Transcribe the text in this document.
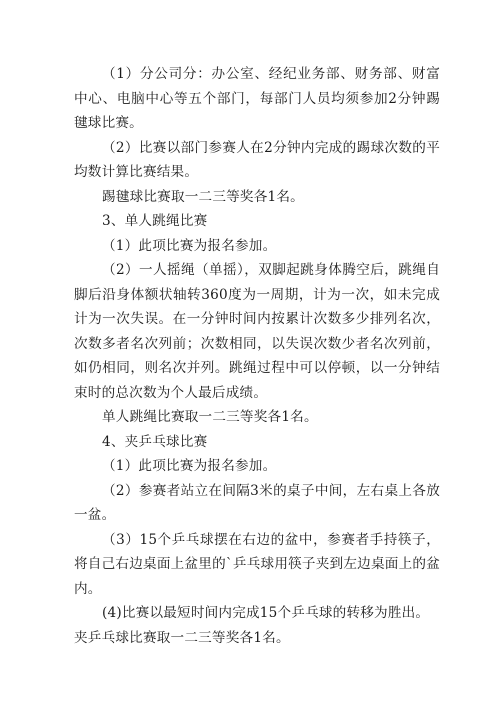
（1）分公司分：办公室、经纪业务部、财务部、财富中心、电脑中心等五个部门，每部门人员均须参加2分钟踢毽球比赛。

（2）比赛以部门参赛人在2分钟内完成的踢球次数的平均数计算比赛结果。

踢毽球比赛取一二三等奖各1名。

3、单人跳绳比赛

（1）此项比赛为报名参加。

（2）一人摇绳（单摇），双脚起跳身体腾空后，跳绳自脚后沿身体额状轴转360度为一周期，计为一次，如未完成计为一次失误。在一分钟时间内按累计次数多少排列名次，次数多者名次列前；次数相同，以失误次数少者名次列前，如仍相同，则名次并列。跳绳过程中可以停顿，以一分钟结束时的总次数为个人最后成绩。

单人跳绳比赛取一二三等奖各1名。

4、夹乒乓球比赛

（1）此项比赛为报名参加。

（2）参赛者站立在间隔3米的桌子中间，左右桌上各放一盆。

（3）15个乒乓球摆在右边的盆中，参赛者手持筷子，将自己右边桌面上盆里的`乒乓球用筷子夹到左边桌面上的盆内。

(4)比赛以最短时间内完成15个乒乓球的转移为胜出。

夹乒乓球比赛取一二三等奖各1名。
